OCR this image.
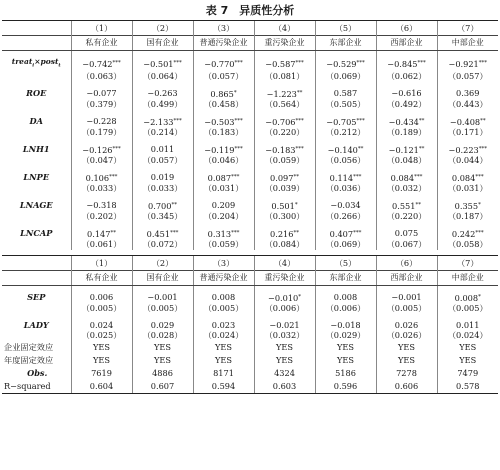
表 7　异质性分析
	（1）	（2）	（3）	（4）	（5）	（6）	（7）
	私有企业	国有企业	普通污染企业	重污染企业	东部企业	西部企业	中部企业
treat$_i$×post$_t$	−0.742***	−0.501***	−0.770***	−0.587***	−0.529***	−0.845***	−0.921***
	（0.063）	（0.064）	（0.057）	（0.081）	（0.069）	（0.062）	（0.057）
ROE	−0.077	−0.263	0.865*	−1.223**	0.587	−0.616	0.369
	（0.379）	（0.499）	（0.458）	（0.564）	（0.505）	（0.492）	（0.443）
DA	−0.228	−2.133***	−0.503***	−0.706***	−0.705***	−0.434**	−0.408**
	（0.179）	（0.214）	（0.183）	（0.220）	（0.212）	（0.189）	（0.171）
LNH1	−0.126***	0.011	−0.119***	−0.183***	−0.140**	−0.121**	−0.223***
	（0.047）	（0.057）	（0.046）	（0.059）	（0.056）	（0.048）	（0.044）
LNPE	0.106***	0.019	0.087***	0.097**	0.114***	0.084***	0.084***
	（0.033）	（0.033）	（0.031）	（0.039）	（0.036）	（0.032）	（0.031）
LNAGE	−0.318	0.700**	0.209	0.501*	−0.034	0.551**	0.355*
	（0.202）	（0.345）	（0.204）	（0.300）	（0.266）	（0.220）	（0.187）
LNCAP	0.147**	0.451***	0.313***	0.216**	0.407***	0.075	0.242***
	（0.061）	（0.072）	（0.059）	（0.084）	（0.069）	（0.067）	（0.058）

	（1）	（2）	（3）	（4）	（5）	（6）	（7）
	私有企业	国有企业	普通污染企业	重污染企业	东部企业	西部企业	中部企业
SEP	0.006	−0.001	0.008	−0.010*	0.008	−0.001	0.008*
	（0.005）	（0.005）	（0.005）	（0.006）	（0.006）	（0.005）	（0.005）
LADY	0.024	0.029	0.023	−0.021	−0.018	0.026	0.011
	（0.025）	（0.028）	（0.024）	（0.032）	（0.029）	（0.026）	（0.024）
企业固定效应	YES	YES	YES	YES	YES	YES	YES
年度固定效应	YES	YES	YES	YES	YES	YES	YES
Obs.	7619	4886	8171	4324	5186	7278	7479
R−squared	0.604	0.607	0.594	0.603	0.596	0.606	0.578
